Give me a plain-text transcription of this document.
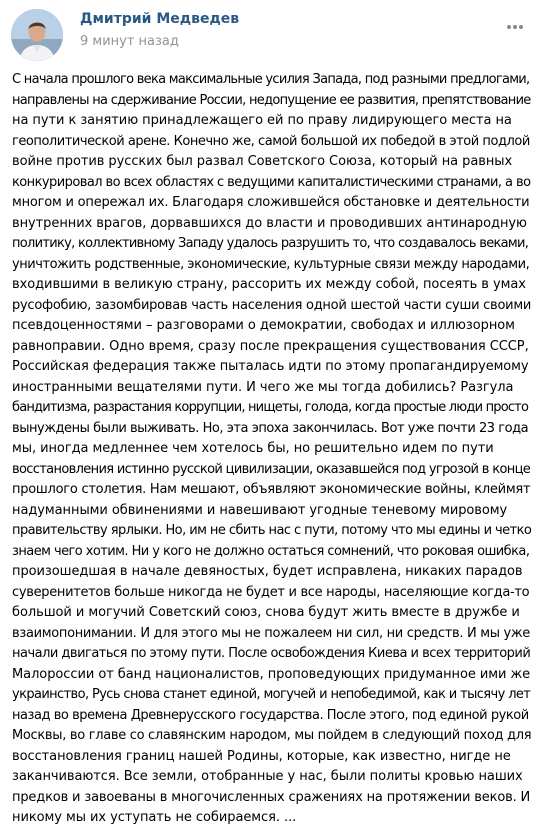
Дмитрий Медведев
9 минут назад
С начала прошлого века максимальные усилия Запада, под разными предлогами,
направлены на сдерживание России, недопущение ее развития, препятствование
на пути к занятию принадлежащего ей по праву лидирующего места на
геополитической арене. Конечно же, самой большой их победой в этой подлой
войне против русских был развал Советского Союза, который на равных
конкурировал во всех областях с ведущими капиталистическими странами, а во
многом и опережал их. Благодаря сложившейся обстановке и деятельности
внутренних врагов, дорвавшихся до власти и проводивших антинародную
политику, коллективному Западу удалось разрушить то, что создавалось веками,
уничтожить родственные, экономические, культурные связи между народами,
входившими в великую страну, рассорить их между собой, посеять в умах
русофобию, зазомбировав часть населения одной шестой части суши своими
псевдоценностями – разговорами о демократии, свободах и иллюзорном
равноправии. Одно время, сразу после прекращения существования СССР,
Российская федерация также пыталась идти по этому пропагандируемому
иностранными вещателями пути. И чего же мы тогда добились? Разгула
бандитизма, разрастания коррупции, нищеты, голода, когда простые люди просто
вынуждены были выживать. Но, эта эпоха закончилась. Вот уже почти 23 года
мы, иногда медленнее чем хотелось бы, но решительно идем по пути
восстановления истинно русской цивилизации, оказавшейся под угрозой в конце
прошлого столетия. Нам мешают, объявляют экономические войны, клеймят
надуманными обвинениями и навешивают угодные теневому мировому
правительству ярлыки. Но, им не сбить нас с пути, потому что мы едины и четко
знаем чего хотим. Ни у кого не должно остаться сомнений, что роковая ошибка,
произошедшая в начале девяностых, будет исправлена, никаких парадов
суверенитетов больше никогда не будет и все народы, населяющие когда-то
большой и могучий Советский союз, снова будут жить вместе в дружбе и
взаимопонимании. И для этого мы не пожалеем ни сил, ни средств. И мы уже
начали двигаться по этому пути. После освобождения Киева и всех территорий
Малороссии от банд националистов, проповедующих придуманное ими же
украинство, Русь снова станет единой, могучей и непобедимой, как и тысячу лет
назад во времена Древнерусского государства. После этого, под единой рукой
Москвы, во главе со славянским народом, мы пойдем в следующий поход для
восстановления границ нашей Родины, которые, как известно, нигде не
заканчиваются. Все земли, отобранные у нас, были политы кровью наших
предков и завоеваны в многочисленных сражениях на протяжении веков. И
никому мы их уступать не собираемся. ...
